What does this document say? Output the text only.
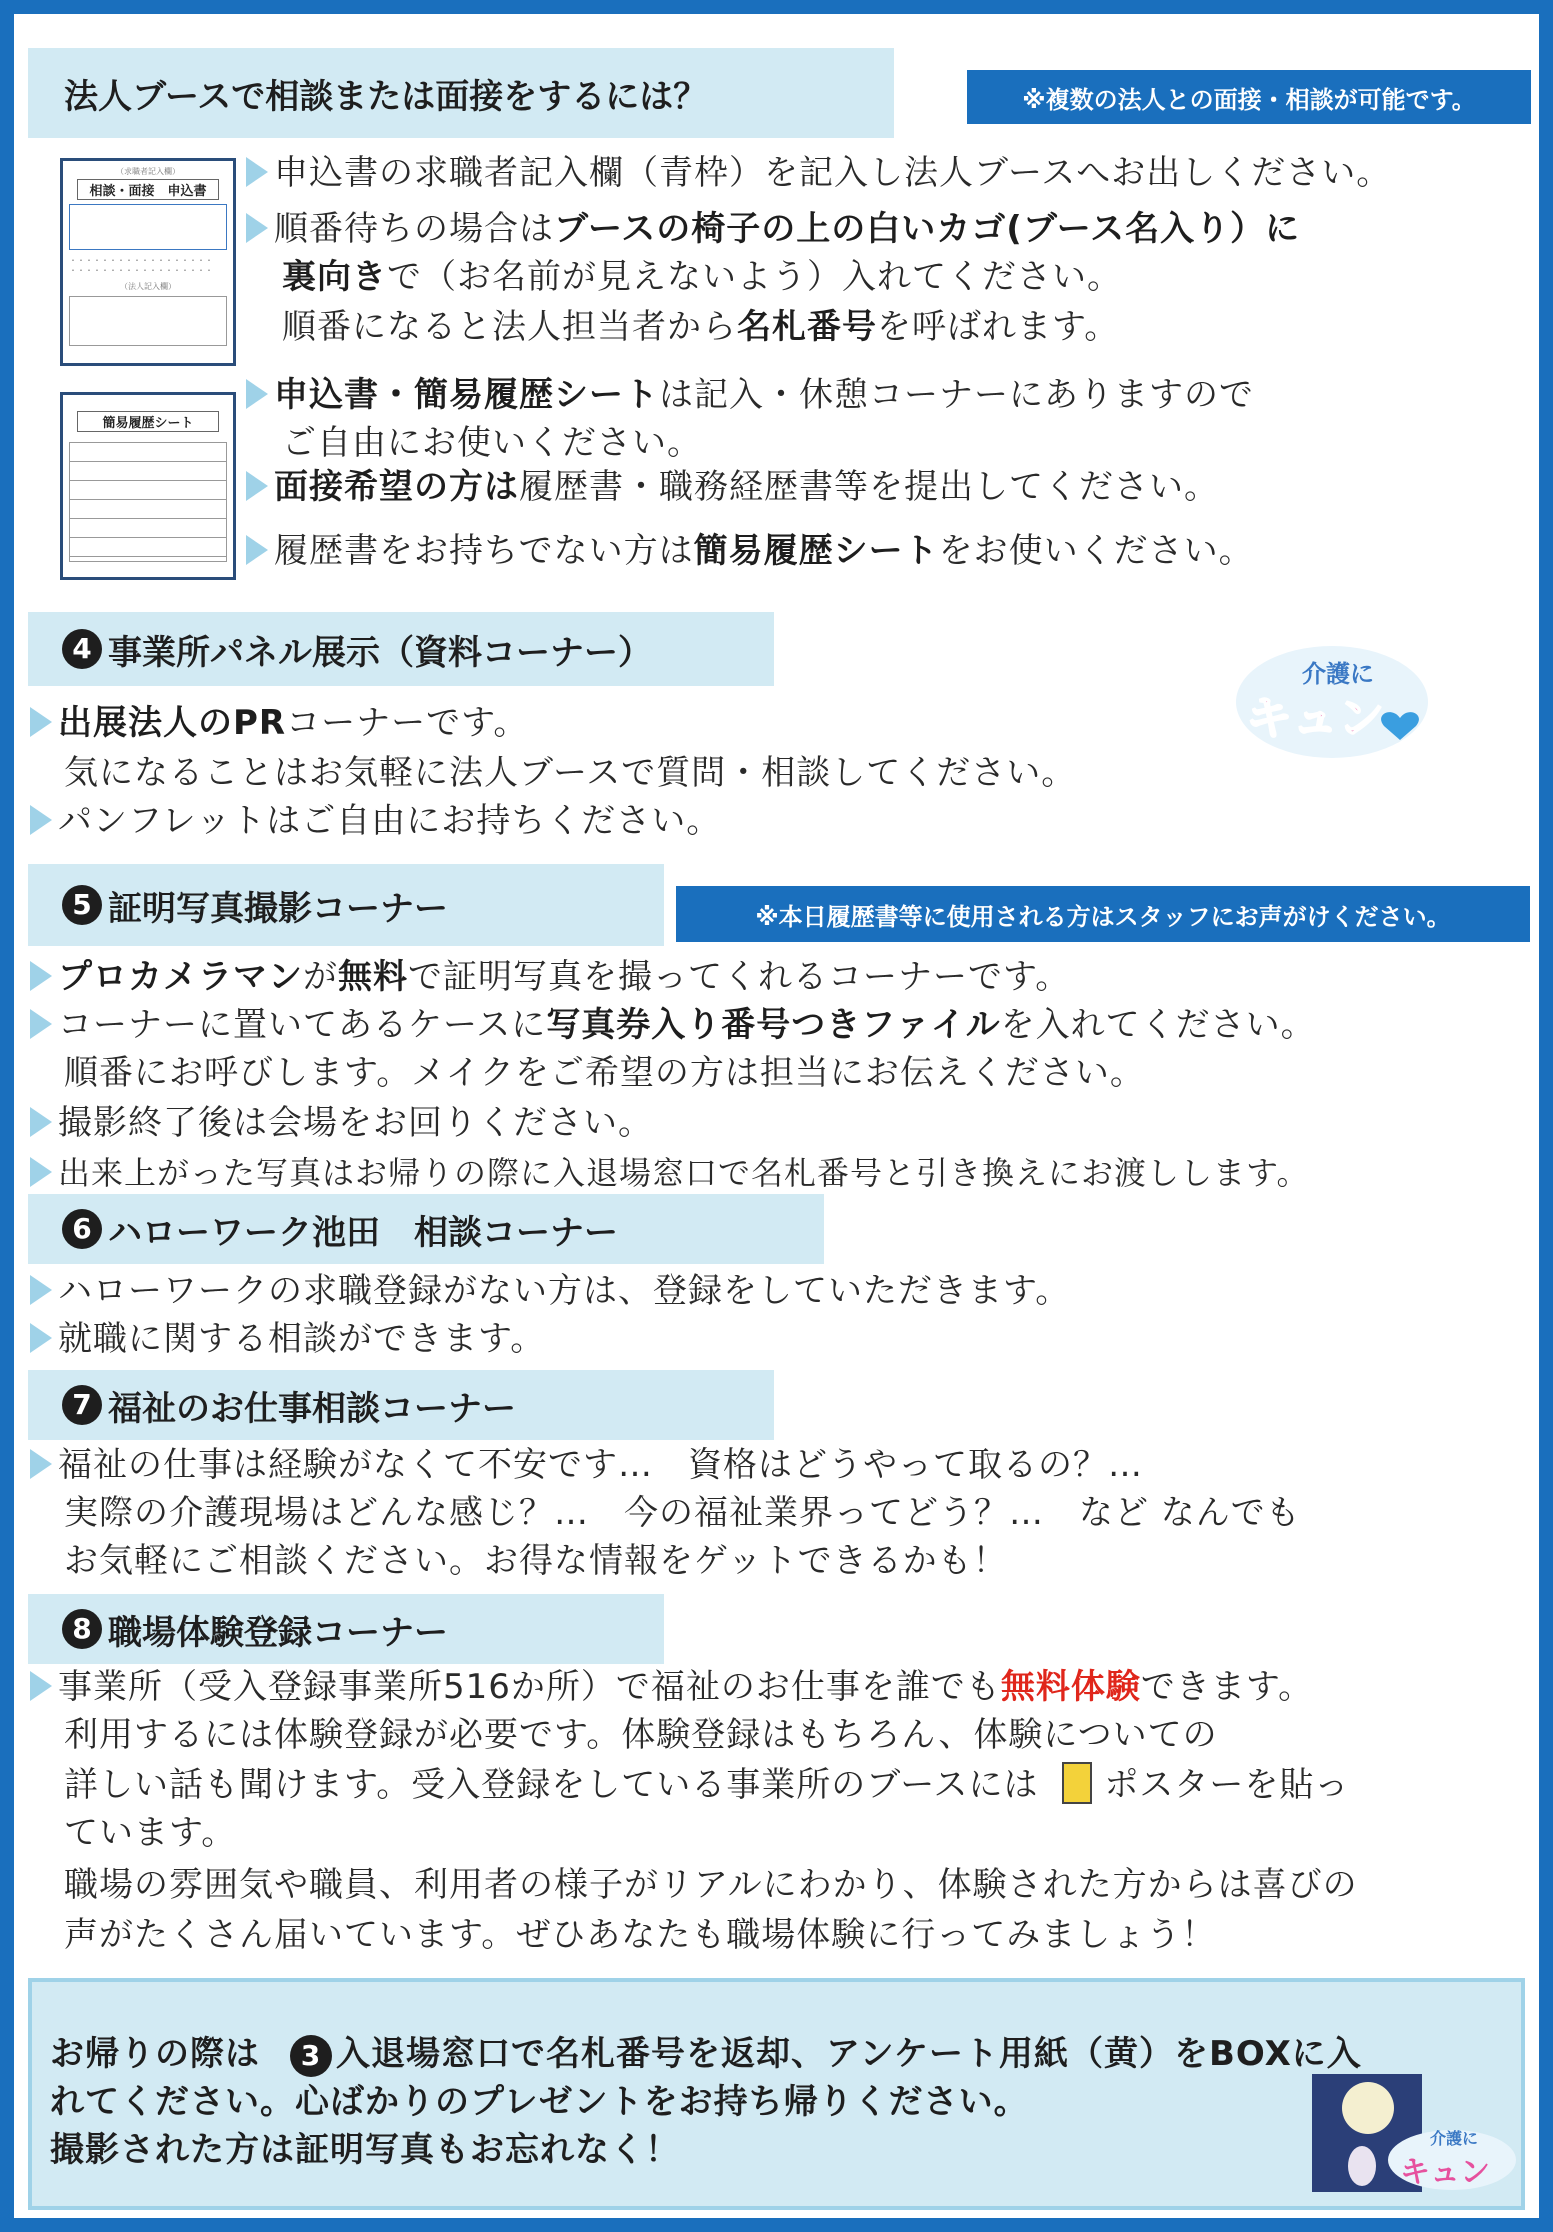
法人ブースで相談または面接をするには？	※複数の法人との面接・相談が可能です。
（求職者記入欄）
相談・面接　申込書
・・・・・・・・・・・・・・・・・・
・・・・・・・・・・・・・・・・・・
（法人記入欄）
簡易履歴シート
申込書の求職者記入欄（青枠）を記入し法人ブースへお出しください。
順番待ちの場合はブースの椅子の上の白いカゴ(ブース名入り）に
裏向きで（お名前が見えないよう）入れてください。
順番になると法人担当者から名札番号を呼ばれます。
申込書・簡易履歴シートは記入・休憩コーナーにありますので
ご自由にお使いください。
面接希望の方は履歴書・職務経歴書等を提出してください。
履歴書をお持ちでない方は簡易履歴シートをお使いください。
4 事業所パネル展示（資料コーナー）
出展法人のPRコーナーです。
気になることはお気軽に法人ブースで質問・相談してください。
パンフレットはご自由にお持ちください。
介護に
キュン
5 証明写真撮影コーナー	※本日履歴書等に使用される方はスタッフにお声がけください。
プロカメラマンが無料で証明写真を撮ってくれるコーナーです。
コーナーに置いてあるケースに写真券入り番号つきファイルを入れてください。
順番にお呼びします。メイクをご希望の方は担当にお伝えください。
撮影終了後は会場をお回りください。
出来上がった写真はお帰りの際に入退場窓口で名札番号と引き換えにお渡しします。
6 ハローワーク池田　相談コーナー
ハローワークの求職登録がない方は、登録をしていただきます。
就職に関する相談ができます。
7 福祉のお仕事相談コーナー
福祉の仕事は経験がなくて不安です…　資格はどうやって取るの？…
実際の介護現場はどんな感じ？…　今の福祉業界ってどう？…　など なんでも
お気軽にご相談ください。お得な情報をゲットできるかも！
8 職場体験登録コーナー
事業所（受入登録事業所516か所）で福祉のお仕事を誰でも無料体験できます。
利用するには体験登録が必要です。体験登録はもちろん、体験についての
詳しい話も聞けます。受入登録をしている事業所のブースには ポスターを貼っ
ています。
職場の雰囲気や職員、利用者の様子がリアルにわかり、体験された方からは喜びの
声がたくさん届いています。ぜひあなたも職場体験に行ってみましょう！
お帰りの際は 3 入退場窓口で名札番号を返却、アンケート用紙（黄）をBOXに入
れてください。心ばかりのプレゼントをお持ち帰りください。
撮影された方は証明写真もお忘れなく！	介護に
キュン
